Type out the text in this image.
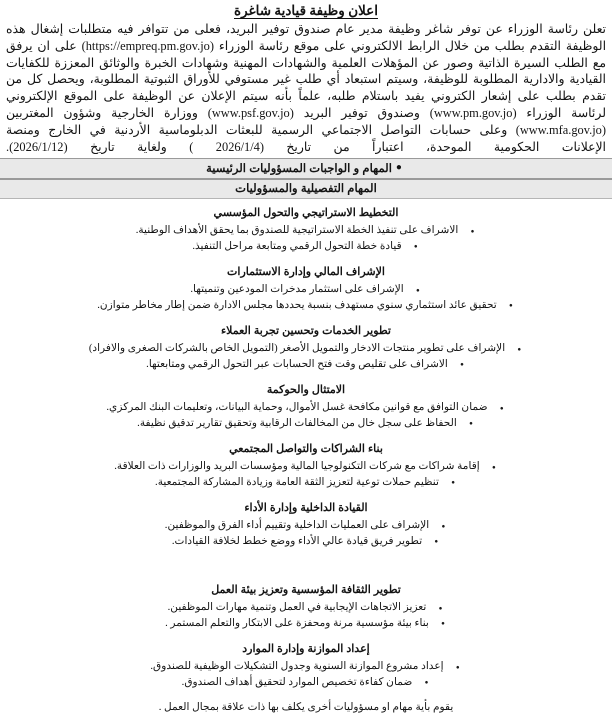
اعلان وظيفة قيادية شاغرة

تعلن رئاسة الوزراء عن توفر شاغر وظيفة مدير عام صندوق توفير البريد، فعلى من تتوافر فيه متطلبات إشغال هذه الوظيفة التقدم بطلب من خلال الرابط الالكتروني على موقع رئاسة الوزراء (https://empreq.pm.gov.jo) على ان يرفق مع الطلب السيرة الذاتية وصور عن المؤهلات العلمية والشهادات المهنية وشهادات الخبرة والوثائق المعززة للكفايات القيادية والادارية المطلوبة للوظيفة، وسيتم استبعاد أي طلب غير مستوفي للأوراق الثبوتية المطلوبة، ويحصل كل من تقدم بطلب على إشعار الكتروني يفيد باستلام طلبه، علماً بأنه سيتم الإعلان عن الوظيفة على الموقع الإلكتروني لرئاسة الوزراء (www.pm.gov.jo) وصندوق توفير البريد (www.psf.gov.jo) ووزارة الخارجية وشؤون المغتربين (www.mfa.gov.jo) وعلى حسابات التواصل الاجتماعي الرسمية للبعثات الدبلوماسية الأردنية في الخارج ومنصة الإعلانات الحكومية الموحدة، اعتباراً من تاريخ (2026/1/4 ) ولغاية تاريخ (2026/1/12).

●المهام و الواجبات المسؤوليات الرئيسية
المهام التفصيلية والمسؤوليات
التخطيط الاستراتيجي والتحول المؤسسي
● الاشراف على تنفيذ الخطة الاستراتيجية للصندوق بما يحقق الأهداف الوطنية.
● قيادة خطة التحول الرقمي ومتابعة مراحل التنفيذ.
الإشراف المالي وإدارة الاستثمارات
● الإشراف على استثمار مدخرات المودعين وتنميتها.
● تحقيق عائد استثماري سنوي مستهدف بنسبة يحددها مجلس الادارة ضمن إطار مخاطر متوازن.
تطوير الخدمات وتحسين تجربة العملاء
● الإشراف على تطوير منتجات الادخار والتمويل الأصغر (التمويل الخاص بالشركات الصغرى والافراد)
● الاشراف على تقليص وقت فتح الحسابات عبر التحول الرقمي ومتابعتها.
الامتثال والحوكمة
● ضمان التوافق مع قوانين مكافحة غسل الأموال، وحماية البيانات، وتعليمات البنك المركزي.
● الحفاظ على سجل خال من المخالفات الرقابية وتحقيق تقارير تدقيق نظيفة.
بناء الشراكات والتواصل المجتمعي
● إقامة شراكات مع شركات التكنولوجيا المالية ومؤسسات البريد والوزارات ذات العلاقة.
● تنظيم حملات توعية لتعزيز الثقة العامة وزيادة المشاركة المجتمعية.
القيادة الداخلية وإدارة الأداء
● الإشراف على العمليات الداخلية وتقييم أداء الفرق والموظفين.
● تطوير فريق قيادة عالي الأداء ووضع خطط لخلافة القيادات.
تطوير الثقافة المؤسسية وتعزيز بيئة العمل
● تعزيز الاتجاهات الإيجابية في العمل وتنمية مهارات الموظفين.
● بناء بيئة مؤسسية مرنة ومحفزة على الابتكار والتعلم المستمر .
إعداد الموازنة وإدارة الموارد
● إعداد مشروع الموازنة السنوية وجدول التشكيلات الوظيفية للصندوق.
● ضمان كفاءة تخصيص الموارد لتحقيق أهداف الصندوق.
يقوم بأية مهام او مسؤوليات أخرى يكلف بها ذات علاقة بمجال العمل .
